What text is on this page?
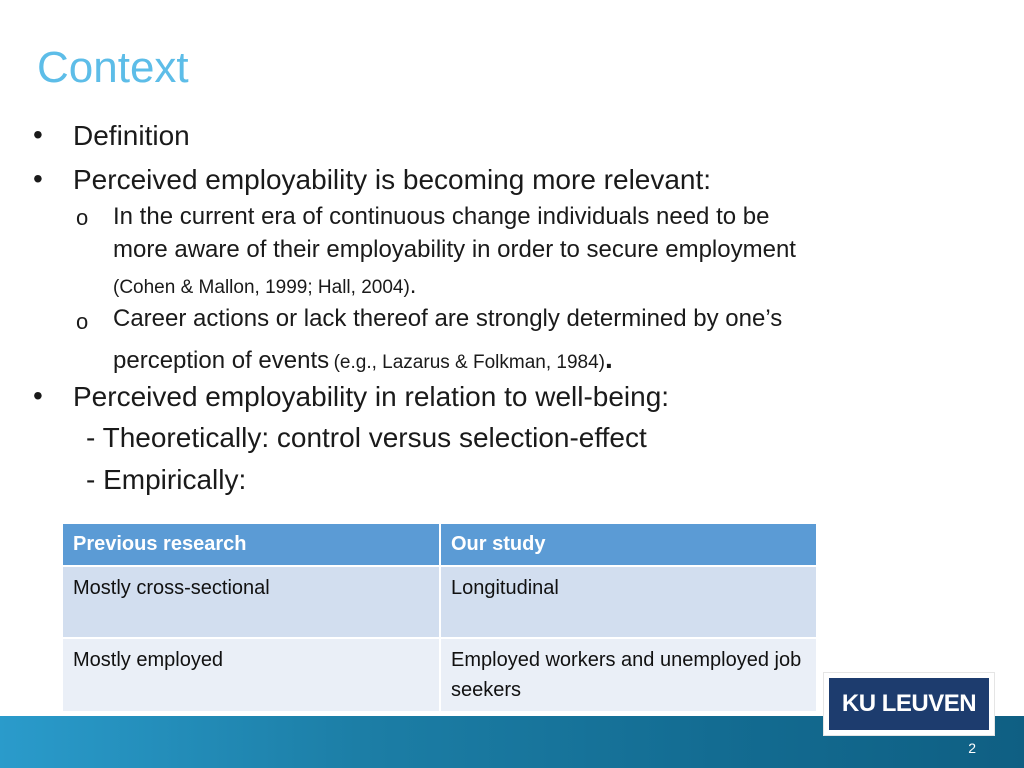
Context
• Definition
• Perceived employability is becoming more relevant:
o In the current era of continuous change individuals need to be
more aware of their employability in order to secure employment
(Cohen & Mallon, 1999; Hall, 2004).
o Career actions or lack thereof are strongly determined by one’s
perception of events (e.g., Lazarus & Folkman, 1984).
• Perceived employability in relation to well-being:
- Theoretically: control versus selection-effect
- Empirically:
Previous research	Our study
Mostly cross-sectional	Longitudinal
Mostly employed	Employed workers and unemployed job seekers
2
KU LEUVEN
